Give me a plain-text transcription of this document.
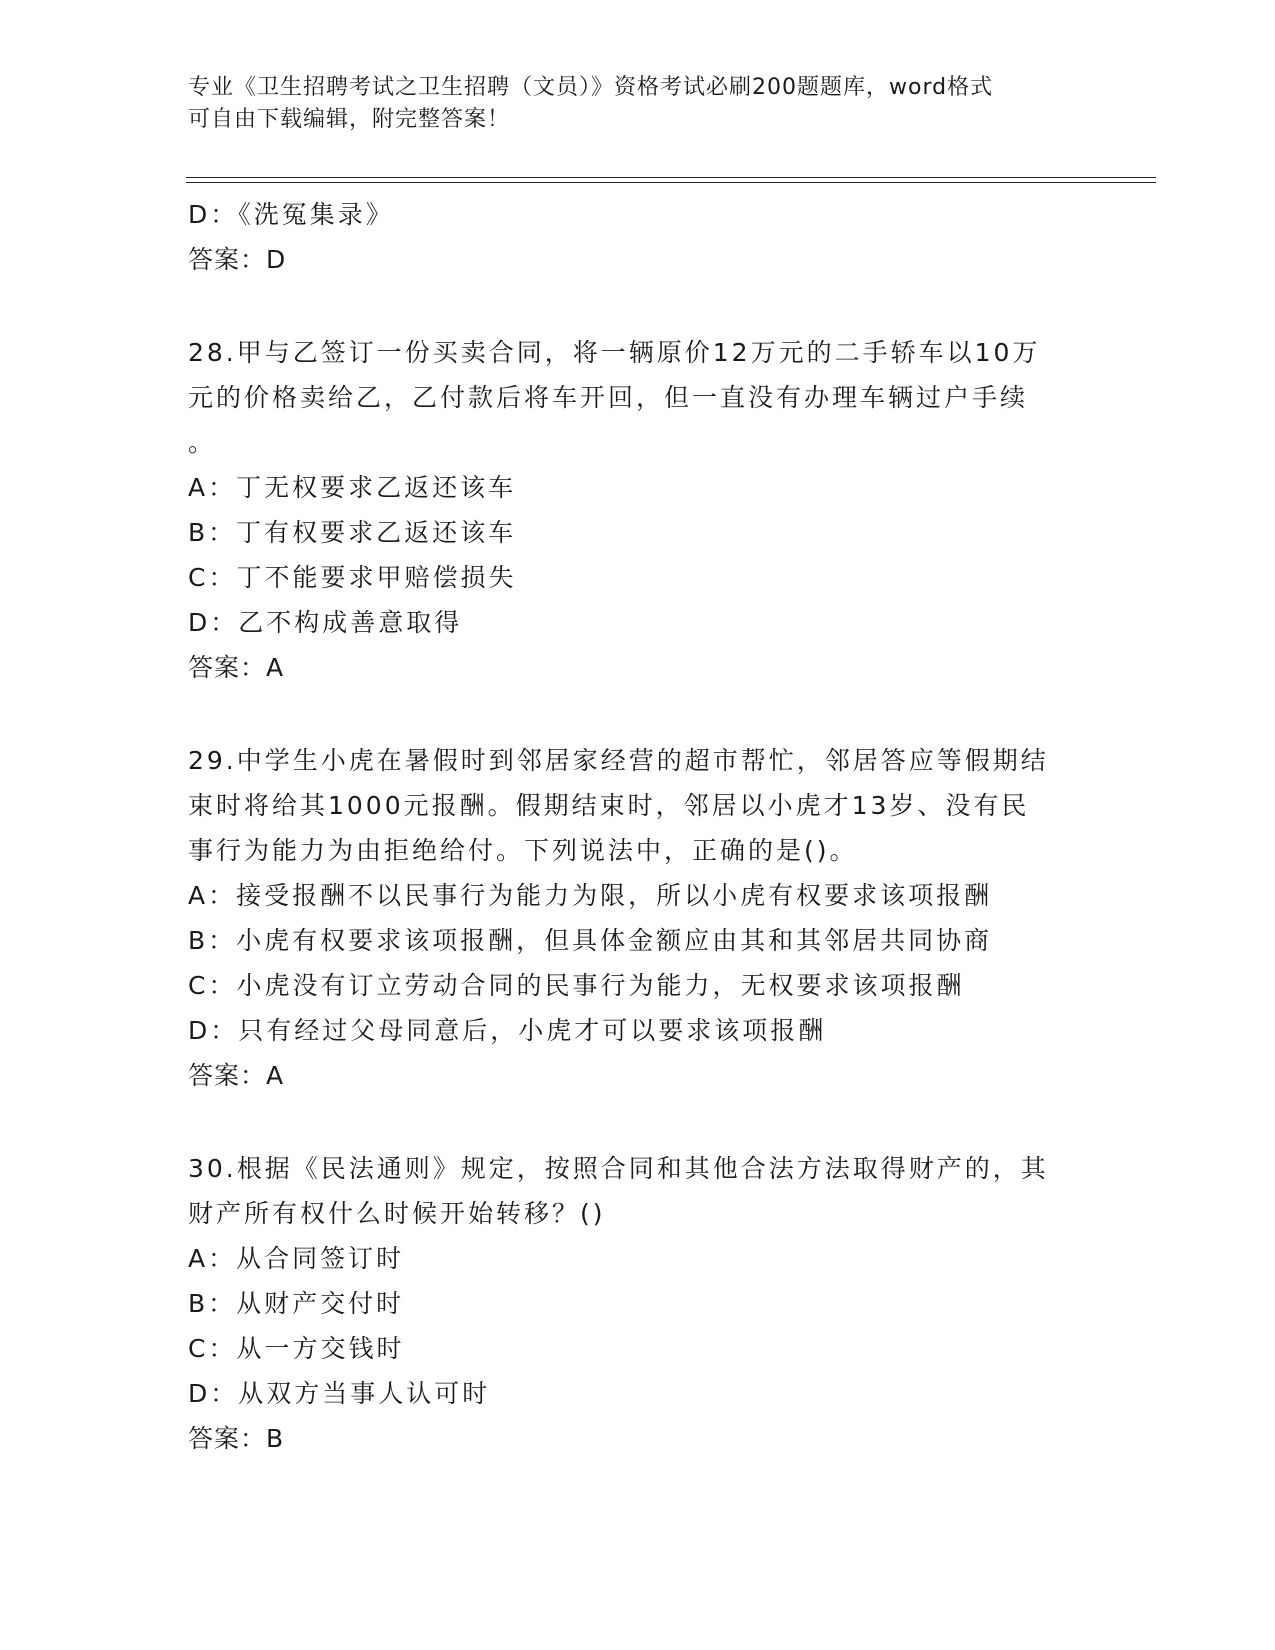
专业《卫生招聘考试之卫生招聘（文员）》资格考试必刷200题题库，word格式
可自由下载编辑，附完整答案！
D：《洗冤集录》
答案：D
28.甲与乙签订一份买卖合同，将一辆原价12万元的二手轿车以10万
元的价格卖给乙，乙付款后将车开回，但一直没有办理车辆过户手续
。
A：丁无权要求乙返还该车
B：丁有权要求乙返还该车
C：丁不能要求甲赔偿损失
D：乙不构成善意取得
答案：A
29.中学生小虎在暑假时到邻居家经营的超市帮忙，邻居答应等假期结
束时将给其1000元报酬。假期结束时，邻居以小虎才13岁、没有民
事行为能力为由拒绝给付。下列说法中，正确的是()。
A：接受报酬不以民事行为能力为限，所以小虎有权要求该项报酬
B：小虎有权要求该项报酬，但具体金额应由其和其邻居共同协商
C：小虎没有订立劳动合同的民事行为能力，无权要求该项报酬
D：只有经过父母同意后，小虎才可以要求该项报酬
答案：A
30.根据《民法通则》规定，按照合同和其他合法方法取得财产的，其
财产所有权什么时候开始转移？()
A：从合同签订时
B：从财产交付时
C：从一方交钱时
D：从双方当事人认可时
答案：B
